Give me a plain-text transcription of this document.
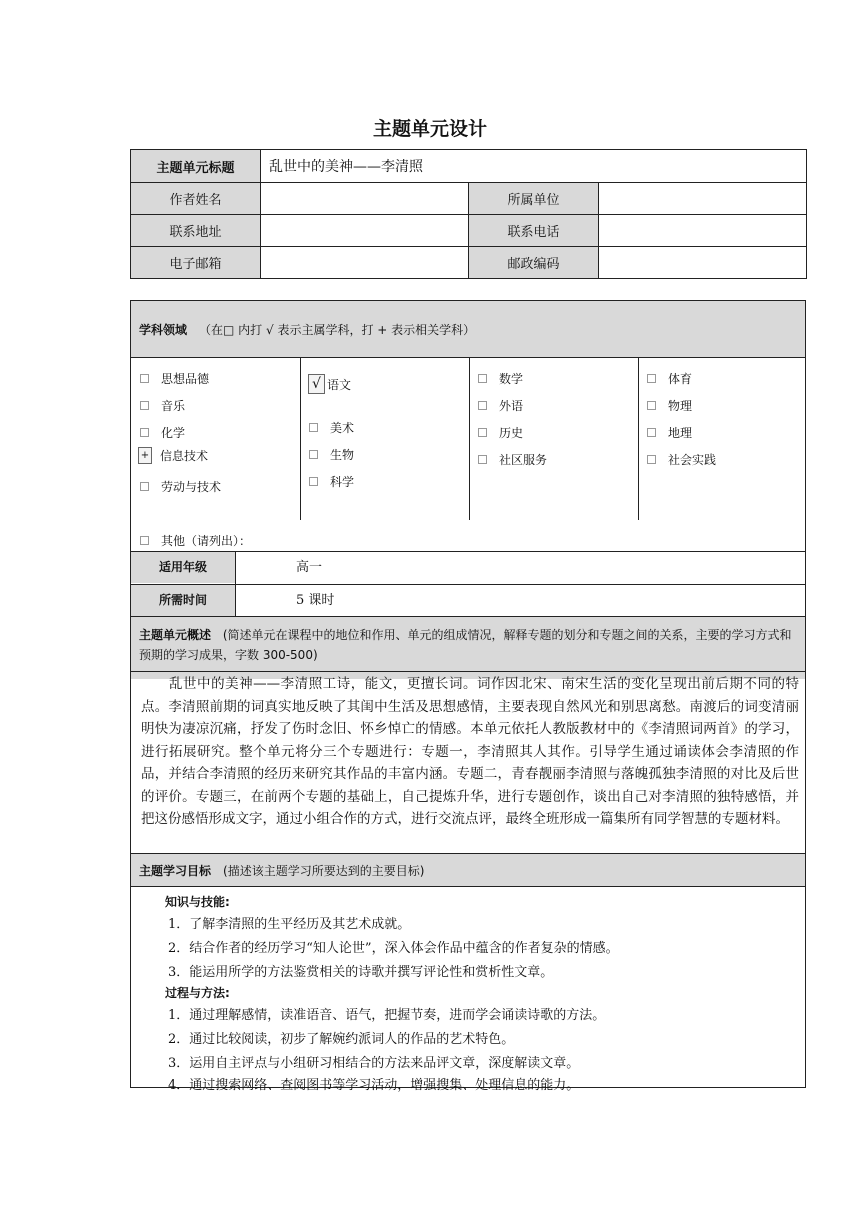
主题单元设计
主题单元标题	乱世中的美神——李清照		
作者姓名		所属单位	
联系地址		联系电话	
电子邮箱		邮政编码	
学科领域 （在□ 内打 √ 表示主属学科，打 + 表示相关学科）
思想品德
音乐
化学
+ 信息技术
劳动与技术
√ 语文
美术
生物
科学
数学
外语
历史
社区服务
体育
物理
地理
社会实践
其他（请列出）：
适用年级	高一
所需时间	5 课时
主题单元概述 (简述单元在课程中的地位和作用、单元的组成情况，解释专题的划分和专题之间的关系，主要的学习方式和预期的学习成果，字数 300-500)
乱世中的美神——李清照工诗，能文，更擅长词。词作因北宋、南宋生活的变化呈现出前后期不同的特点。李清照前期的词真实地反映了其闺中生活及思想感情，主要表现自然风光和别思离愁。南渡后的词变清丽明快为凄凉沉痛，抒发了伤时念旧、怀乡悼亡的情感。本单元依托人教版教材中的《李清照词两首》的学习，进行拓展研究。整个单元将分三个专题进行：专题一，李清照其人其作。引导学生通过诵读体会李清照的作品，并结合李清照的经历来研究其作品的丰富内涵。专题二，青春靓丽李清照与落魄孤独李清照的对比及后世的评价。专题三，在前两个专题的基础上，自己提炼升华，进行专题创作，谈出自己对李清照的独特感悟，并把这份感悟形成文字，通过小组合作的方式，进行交流点评，最终全班形成一篇集所有同学智慧的专题材料。
主题学习目标 (描述该主题学习所要达到的主要目标)
知识与技能:
1．了解李清照的生平经历及其艺术成就。
2．结合作者的经历学习“知人论世”，深入体会作品中蕴含的作者复杂的情感。
3．能运用所学的方法鉴赏相关的诗歌并撰写评论性和赏析性文章。
过程与方法:
1．通过理解感情，读准语音、语气，把握节奏，进而学会诵读诗歌的方法。
2．通过比较阅读，初步了解婉约派词人的作品的艺术特色。
3．运用自主评点与小组研习相结合的方法来品评文章，深度解读文章。
4．通过搜索网络、查阅图书等学习活动，增强搜集、处理信息的能力。
